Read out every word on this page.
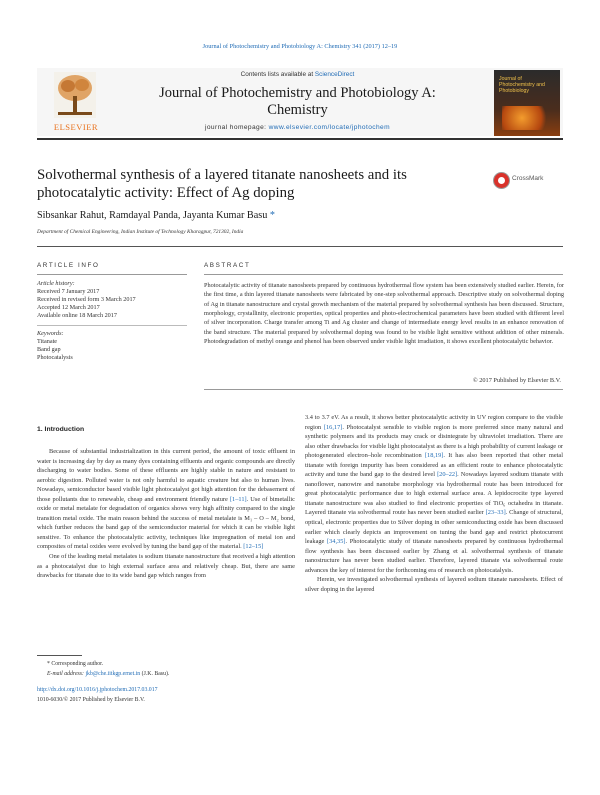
Journal of Photochemistry and Photobiology A: Chemistry 341 (2017) 12–19
ELSEVIER
Contents lists available at ScienceDirect
Journal of Photochemistry and Photobiology A:
Chemistry
journal homepage: www.elsevier.com/locate/jphotochem
Journal of Photochemistry and Photobiology
Solvothermal synthesis of a layered titanate nanosheets and its photocatalytic activity: Effect of Ag doping
CrossMark
Sibsankar Rahut, Ramdayal Panda, Jayanta Kumar Basu *
Department of Chemical Engineering, Indian Institute of Technology Kharagpur, 721302, India
ARTICLE INFO	ABSTRACT
Article history:
Received 7 January 2017
Received in revised form 3 March 2017
Accepted 12 March 2017
Available online 18 March 2017
Keywords:
Titanate
Band gap
Photocatalysis
Photocatalytic activity of titanate nanosheets prepared by continuous hydrothermal flow system has been extensively studied earlier. Herein, for the first time, a thin layered titanate nanosheets were fabricated by one-step solvothermal approach. Descriptive study on solvothermal doping of Ag in titanate nanostructure and crystal growth mechanism of the material prepared by solvothermal synthesis has been discussed. Structure, morphology, crystallinity, electronic properties, optical properties and photo-electrochemical parameters have been studied with different level of silver incorporation. Charge transfer among Ti and Ag cluster and change of intermediate energy level results in an enhance renovation of the band structure. The material prepared by solvothermal doping was found to be visible light sensitive without addition of other minerals. Photodegradation of methyl orange and phenol has been observed under visible light irradiation, it shows excellent photocatalytic behavior.
© 2017 Published by Elsevier B.V.
1. Introduction

Because of substantial industrialization in this current period, the amount of toxic effluent in water is increasing day by day as many dyes containing effluents and organic compounds are directly discharging to water bodies. Some of these effluents are highly stable in nature and resistant to aerobic digestion. Polluted water is not only harmful to aquatic creature but also to human lives. Nowadays, semiconductor based visible light photocatalyst got high attention for the debasement of those pollutants due to renewable, cheap and environment friendly nature [1–11]. Use of bimetallic oxide or metal metalate for degradation of organics shows very high affinity compared to the single transition metal oxide. The main reason behind the success of metal metalate is M₁ – O – M₂ bond, which further reduces the band gap of the semiconductor material for which it can be visible light sensitive. To enhance the photocatalytic activity, techniques like impregnation of metal ion and composites of metal oxides were evolved by tuning the band gap of the material. [12–15]

One of the leading metal metalates is sodium titanate nanostructure that received a high attention as a photocatalyst due to high external surface area and relatively cheap. But, there are same drawbacks for titanate due to its wide band gap which ranges from

3.4 to 3.7 eV. As a result, it shows better photocatalytic activity in UV region compare to the visible region [16,17]. Photocatalyst sensible to visible region is more preferred since many natural and synthetic polymers and its products may crack or disintegrate by ultraviolet irradiation. There are also other drawbacks for visible light photocatalyst as there is a high probability of current leakage or photogenerated electron–hole recombination [18,19]. It has also been reported that other metal titanate with foreign impurity has been considered as an efficient route to enhance photocatalytic activity and tune the band gap to the desired level [20–22]. Nowadays layered sodium titanate with nanoflower, nanowire and nanotube morphology via hydrothermal route has been introduced for great photocatalytic performance due to high external surface area. A lepidocrocite type layered titanate nanostructure was also studied to find electronic properties of TiO₆ octahedra in titanate. Layered titanate via solvothermal route has never been studied earlier [23–33]. Change of structural, optical, electronic properties due to Silver doping in other semiconducting oxide has been discussed earlier which clearly depicts an improvement on tuning the band gap and restrict photocurrent leakage [34,35]. Photocatalytic study of titanate nanosheets prepared by continuous hydrothermal flow synthesis has been discussed earlier by Zhang et al. solvothermal synthesis of titanate nanostructure has never been studied earlier. Therefore, layered titanate via solvothermal route advances the key of interest for the forthcoming era of research on photocatalysis.

Herein, we investigated solvothermal synthesis of layered sodium titanate nanosheets. Effect of silver doping in the layered

* Corresponding author.
E-mail address: jkb@che.iitkgp.ernet.in (J.K. Basu).
http://dx.doi.org/10.1016/j.jphotochem.2017.03.017
1010-6030/© 2017 Published by Elsevier B.V.
